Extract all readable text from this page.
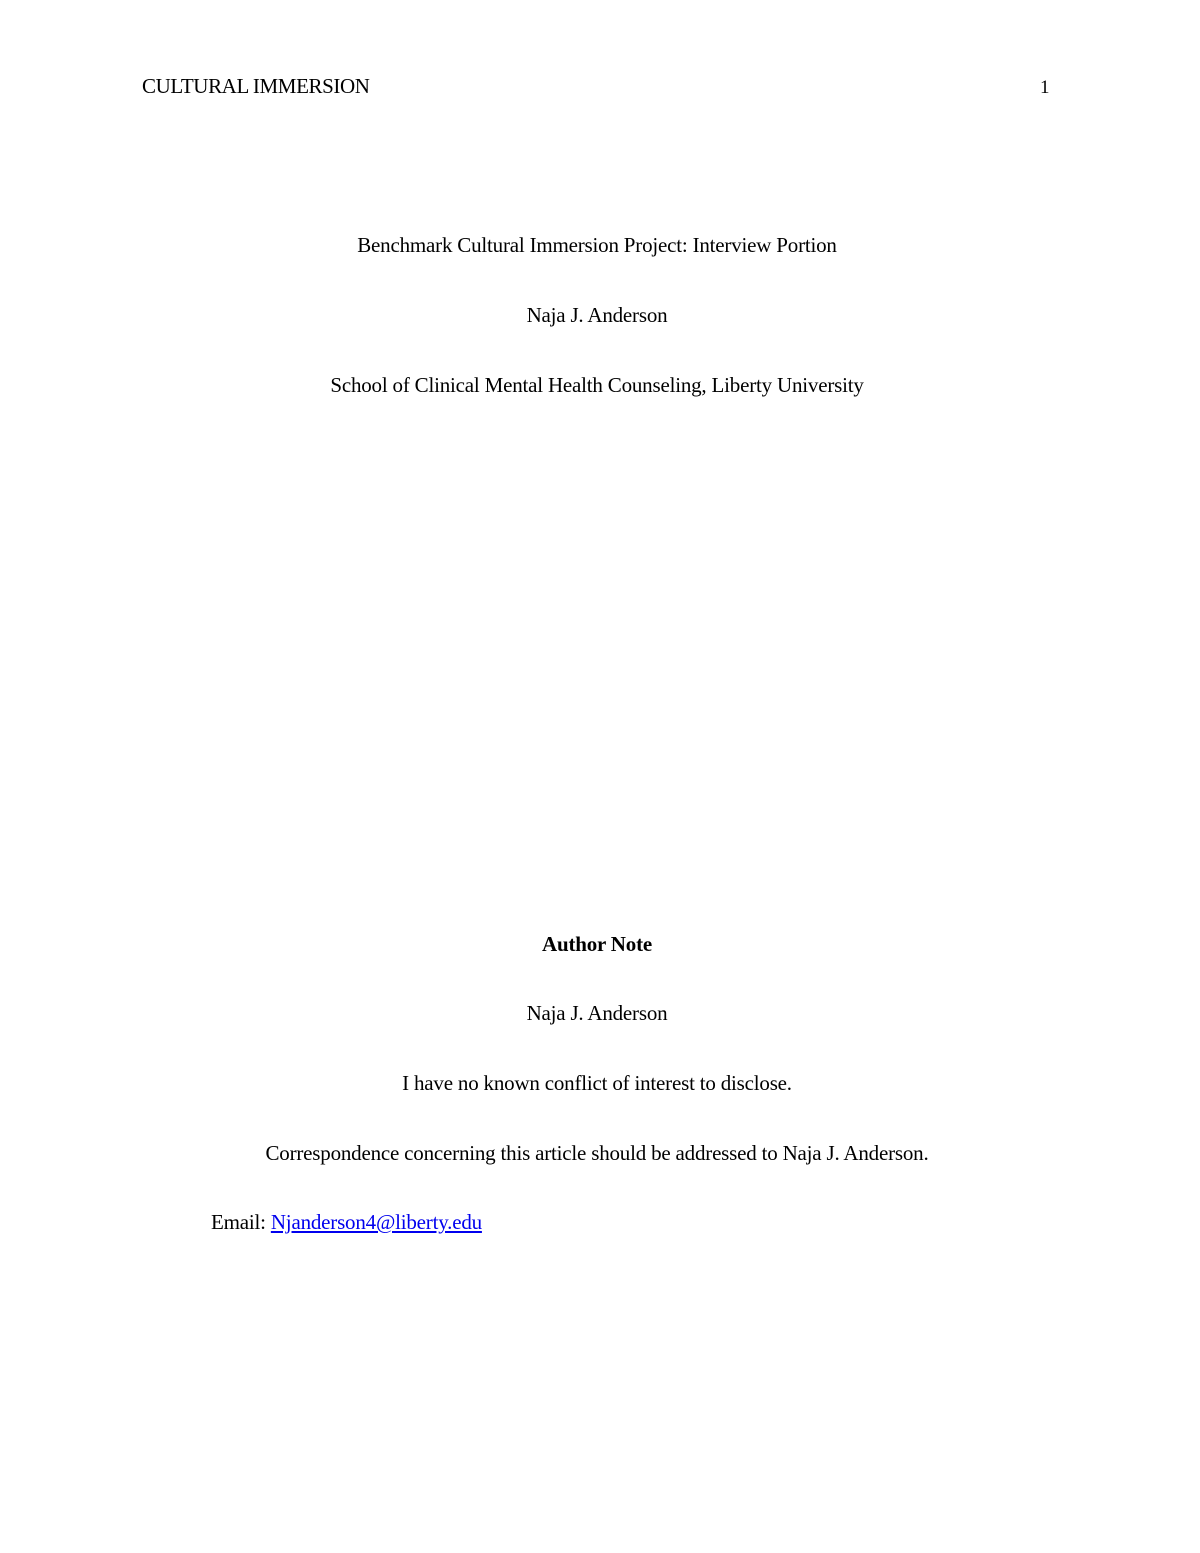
CULTURAL IMMERSION	1
Benchmark Cultural Immersion Project: Interview Portion
Naja J. Anderson
School of Clinical Mental Health Counseling, Liberty University
Author Note
Naja J. Anderson
I have no known conflict of interest to disclose.
Correspondence concerning this article should be addressed to Naja J. Anderson.
Email: Njanderson4@liberty.edu
